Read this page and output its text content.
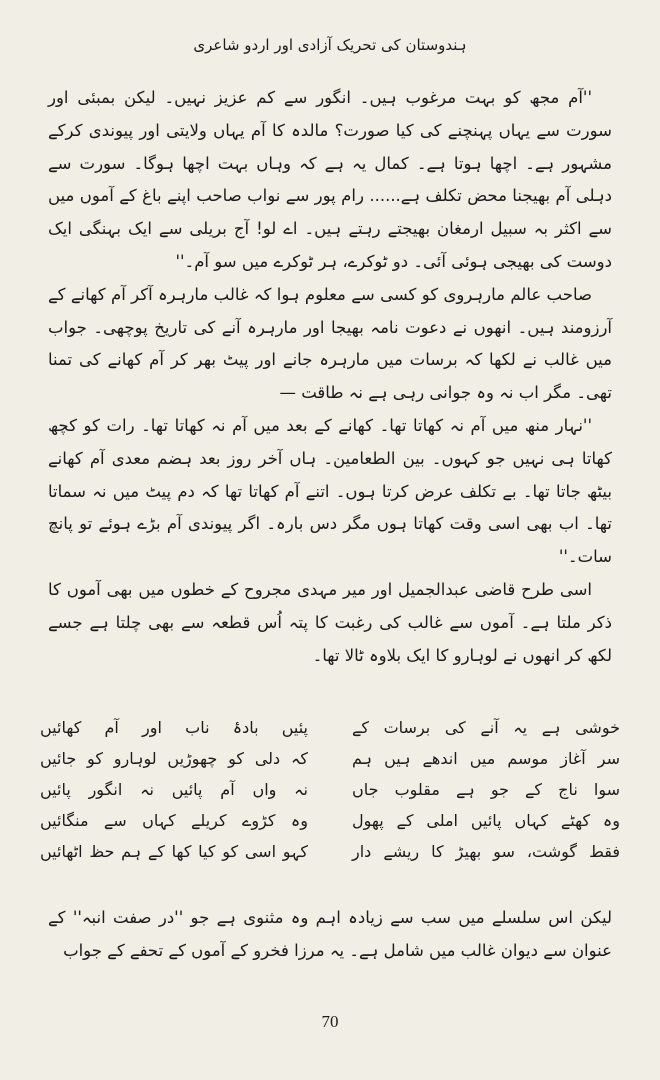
ہندوستان کی تحریک آزادی اور اردو شاعری

''آم مجھ کو بہت مرغوب ہیں۔ انگور سے کم عزیز نہیں۔ لیکن بمبئی اور سورت سے یہاں پہنچنے کی کیا صورت؟ مالدہ کا آم یہاں ولایتی اور پیوندی کرکے مشہور ہے۔ اچھا ہوتا ہے۔ کمال یہ ہے کہ وہاں بہت اچھا ہوگا۔ سورت سے دہلی آم بھیجنا محض تکلف ہے...... رام پور سے نواب صاحب اپنے باغ کے آموں میں سے اکثر بہ سبیل ارمغان بھیجتے رہتے ہیں۔ اے لو! آج بریلی سے ایک بہنگی ایک دوست کی بھیجی ہوئی آئی۔ دو ٹوکرے، ہر ٹوکرے میں سو آم۔''

صاحب عالم مارہروی کو کسی سے معلوم ہوا کہ غالب مارہرہ آکر آم کھانے کے آرزومند ہیں۔ انھوں نے دعوت نامہ بھیجا اور مارہرہ آنے کی تاریخ پوچھی۔ جواب میں غالب نے لکھا کہ برسات میں مارہرہ جانے اور پیٹ بھر کر آم کھانے کی تمنا تھی۔ مگر اب نہ وہ جوانی رہی ہے نہ طاقت —

''نہار منھ میں آم نہ کھاتا تھا۔ کھانے کے بعد میں آم نہ کھاتا تھا۔ رات کو کچھ کھاتا ہی نہیں جو کہوں۔ بین الطعامین۔ ہاں آخر روز بعد ہضم معدی آم کھانے بیٹھ جاتا تھا۔ بے تکلف عرض کرتا ہوں۔ اتنے آم کھاتا تھا کہ دم پیٹ میں نہ سماتا تھا۔ اب بھی اسی وقت کھاتا ہوں مگر دس بارہ۔ اگر پیوندی آم بڑے ہوئے تو پانچ سات۔''

اسی طرح قاضی عبدالجمیل اور میر مہدی مجروح کے خطوں میں بھی آموں کا ذکر ملتا ہے۔ آموں سے غالب کی رغبت کا پتہ اُس قطعہ سے بھی چلتا ہے جسے لکھ کر انھوں نے لوہارو کا ایک بلاوہ ٹالا تھا۔

خوشی ہے یہ آنے کی برسات کے
سر آغاز موسم میں اندھے ہیں ہم
سوا ناج کے جو ہے مقلوب جاں
وہ کھٹے کہاں پائیں املی کے پھول
فقط گوشت، سو بھیڑ کا ریشے دار
پئیں بادۂ ناب اور آم کھائیں
کہ دلی کو چھوڑیں لوہارو کو جائیں
نہ واں آم پائیں نہ انگور پائیں
وہ کڑوے کریلے کہاں سے منگائیں
کہو اسی کو کیا کھا کے ہم حظ اٹھائیں

لیکن اس سلسلے میں سب سے زیادہ اہم وہ مثنوی ہے جو ''در صفت انبہ'' کے عنوان سے دیوان غالب میں شامل ہے۔ یہ مرزا فخرو کے آموں کے تحفے کے جواب

70
